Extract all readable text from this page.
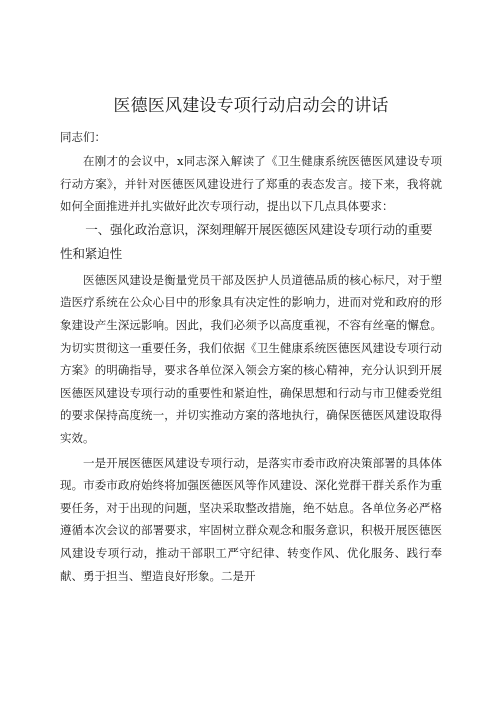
医德医风建设专项行动启动会的讲话

同志们：

在刚才的会议中，x同志深入解读了《卫生健康系统医德医风建设专项行动方案》，并针对医德医风建设进行了郑重的表态发言。接下来，我将就如何全面推进并扎实做好此次专项行动，提出以下几点具体要求：

一、强化政治意识，深刻理解开展医德医风建设专项行动的重要性和紧迫性

医德医风建设是衡量党员干部及医护人员道德品质的核心标尺，对于塑造医疗系统在公众心目中的形象具有决定性的影响力，进而对党和政府的形象建设产生深远影响。因此，我们必须予以高度重视，不容有丝毫的懈怠。为切实贯彻这一重要任务，我们依据《卫生健康系统医德医风建设专项行动方案》的明确指导，要求各单位深入领会方案的核心精神，充分认识到开展医德医风建设专项行动的重要性和紧迫性，确保思想和行动与市卫健委党组的要求保持高度统一，并切实推动方案的落地执行，确保医德医风建设取得实效。

一是开展医德医风建设专项行动，是落实市委市政府决策部署的具体体现。市委市政府始终将加强医德医风等作风建设、深化党群干群关系作为重要任务，对于出现的问题，坚决采取整改措施，绝不姑息。各单位务必严格遵循本次会议的部署要求，牢固树立群众观念和服务意识，积极开展医德医风建设专项行动，推动干部职工严守纪律、转变作风、优化服务、践行奉献、勇于担当、塑造良好形象。二是开
